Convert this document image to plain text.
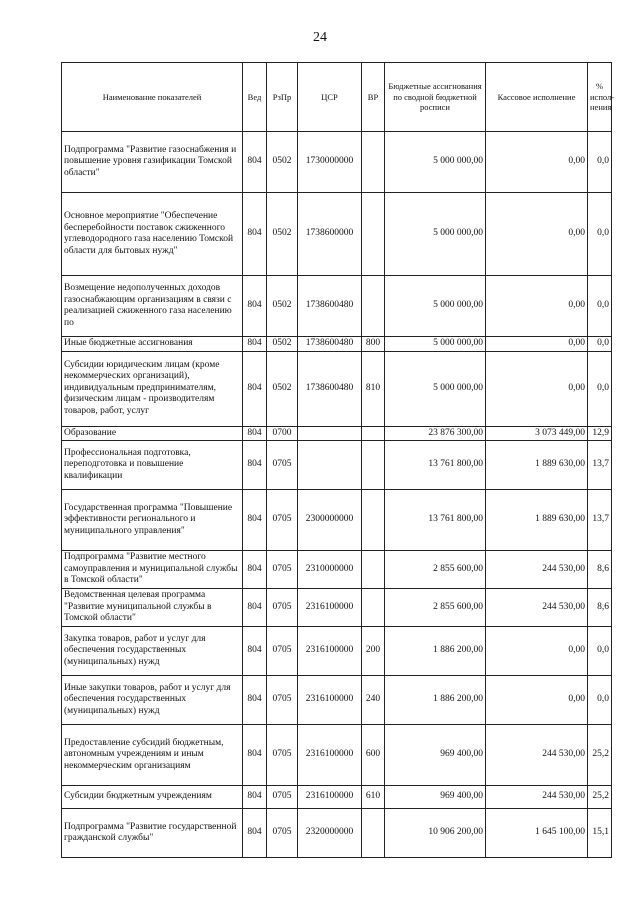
24
Наименование показателей	Вед	РзПр	ЦСР	ВР	Бюджетные ассигнования по сводной бюджетной росписи	Кассовое исполнение	% испол-нения
Подпрограмма "Развитие газоснабжения и повышение уровня газификации Томской области"	804	0502	1730000000		5 000 000,00	0,00	0,0
Основное мероприятие "Обеспечение бесперебойности поставок сжиженного углеводородного газа населению Томской области для бытовых нужд"	804	0502	1738600000		5 000 000,00	0,00	0,0
Возмещение недополученных доходов газоснабжающим организациям в связи с реализацией сжиженного газа населению по	804	0502	1738600480		5 000 000,00	0,00	0,0
Иные бюджетные ассигнования	804	0502	1738600480	800	5 000 000,00	0,00	0,0
Субсидии юридическим лицам (кроме некоммерческих организаций), индивидуальным предпринимателям, физическим лицам - производителям товаров, работ, услуг	804	0502	1738600480	810	5 000 000,00	0,00	0,0
Образование	804	0700			23 876 300,00	3 073 449,00	12,9
Профессиональная подготовка, переподготовка и повышение квалификации	804	0705			13 761 800,00	1 889 630,00	13,7
Государственная программа "Повышение эффективности регионального и муниципального управления"	804	0705	2300000000		13 761 800,00	1 889 630,00	13,7
Подпрограмма "Развитие местного самоуправления и муниципальной службы в Томской области"	804	0705	2310000000		2 855 600,00	244 530,00	8,6
Ведомственная целевая программа "Развитие муниципальной службы в Томской области"	804	0705	2316100000		2 855 600,00	244 530,00	8,6
Закупка товаров, работ и услуг для обеспечения государственных (муниципальных) нужд	804	0705	2316100000	200	1 886 200,00	0,00	0,0
Иные закупки товаров, работ и услуг для обеспечения государственных (муниципальных) нужд	804	0705	2316100000	240	1 886 200,00	0,00	0,0
Предоставление субсидий бюджетным, автономным учреждениям и иным некоммерческим организациям	804	0705	2316100000	600	969 400,00	244 530,00	25,2
Субсидии бюджетным учреждениям	804	0705	2316100000	610	969 400,00	244 530,00	25,2
Подпрограмма "Развитие государственной гражданской службы"	804	0705	2320000000		10 906 200,00	1 645 100,00	15,1
